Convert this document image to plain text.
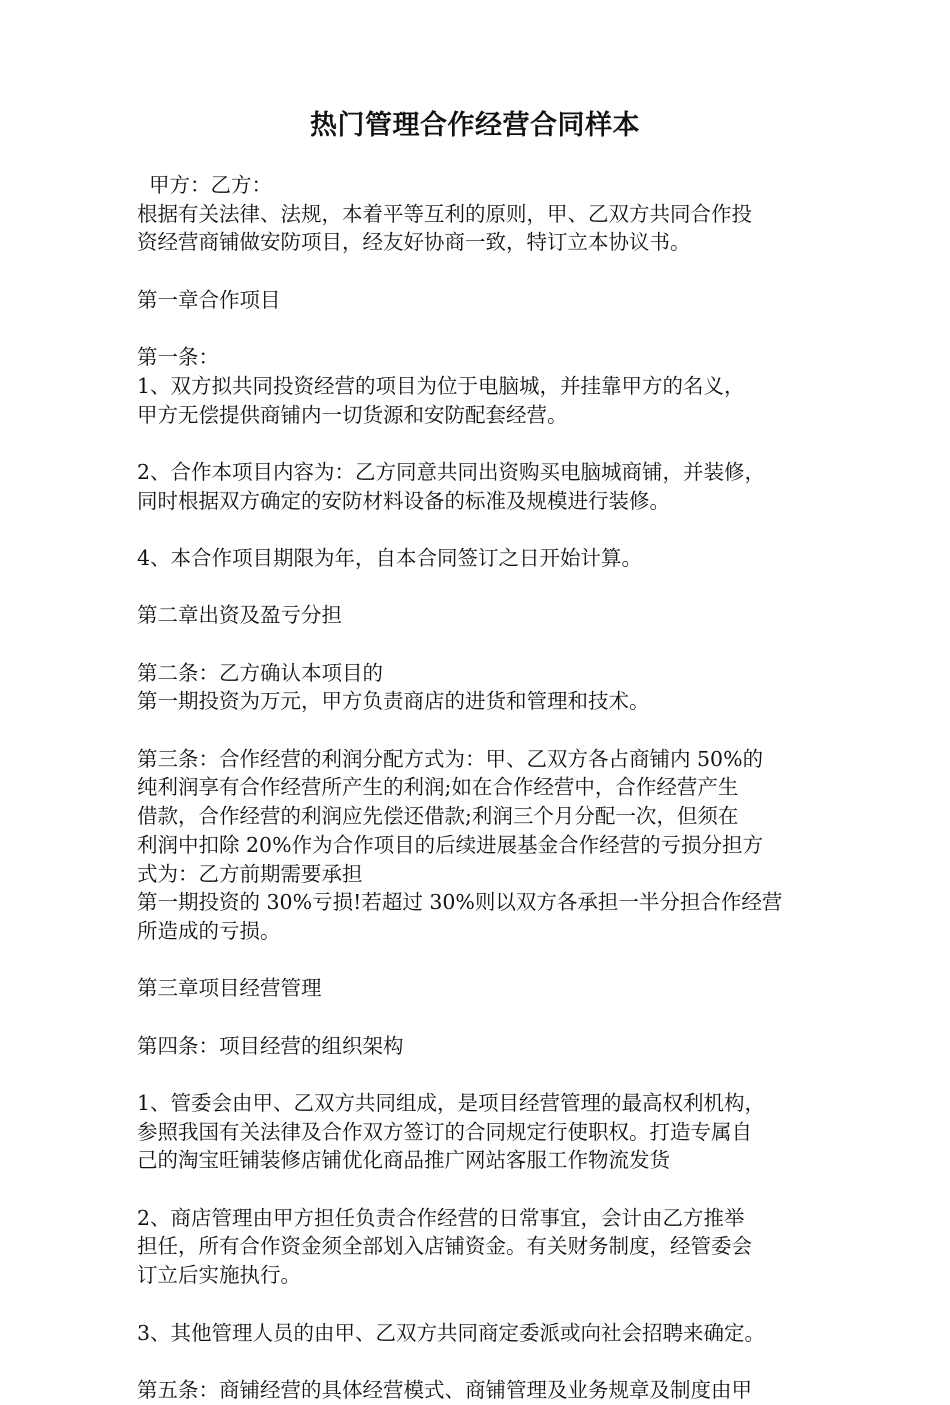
热门管理合作经营合同样本
甲方：乙方：
根据有关法律、法规，本着平等互利的原则，甲、乙双方共同合作投
资经营商铺做安防项目，经友好协商一致，特订立本协议书。
第一章合作项目
第一条：
1、双方拟共同投资经营的项目为位于电脑城，并挂靠甲方的名义，
甲方无偿提供商铺内一切货源和安防配套经营。
2、合作本项目内容为：乙方同意共同出资购买电脑城商铺，并装修，
同时根据双方确定的安防材料设备的标准及规模进行装修。
4、本合作项目期限为年，自本合同签订之日开始计算。
第二章出资及盈亏分担
第二条：乙方确认本项目的
第一期投资为万元，甲方负责商店的进货和管理和技术。
第三条：合作经营的利润分配方式为：甲、乙双方各占商铺内 50%的
纯利润享有合作经营所产生的利润;如在合作经营中，合作经营产生
借款，合作经营的利润应先偿还借款;利润三个月分配一次，但须在
利润中扣除 20%作为合作项目的后续进展基金合作经营的亏损分担方
式为：乙方前期需要承担
第一期投资的 30%亏损!若超过 30%则以双方各承担一半分担合作经营
所造成的亏损。
第三章项目经营管理
第四条：项目经营的组织架构
1、管委会由甲、乙双方共同组成，是项目经营管理的最高权利机构，
参照我国有关法律及合作双方签订的合同规定行使职权。打造专属自
己的淘宝旺铺装修店铺优化商品推广网站客服工作物流发货
2、商店管理由甲方担任负责合作经营的日常事宜，会计由乙方推举
担任，所有合作资金须全部划入店铺资金。有关财务制度，经管委会
订立后实施执行。
3、其他管理人员的由甲、乙双方共同商定委派或向社会招聘来确定。
第五条：商铺经营的具体经营模式、商铺管理及业务规章及制度由甲
